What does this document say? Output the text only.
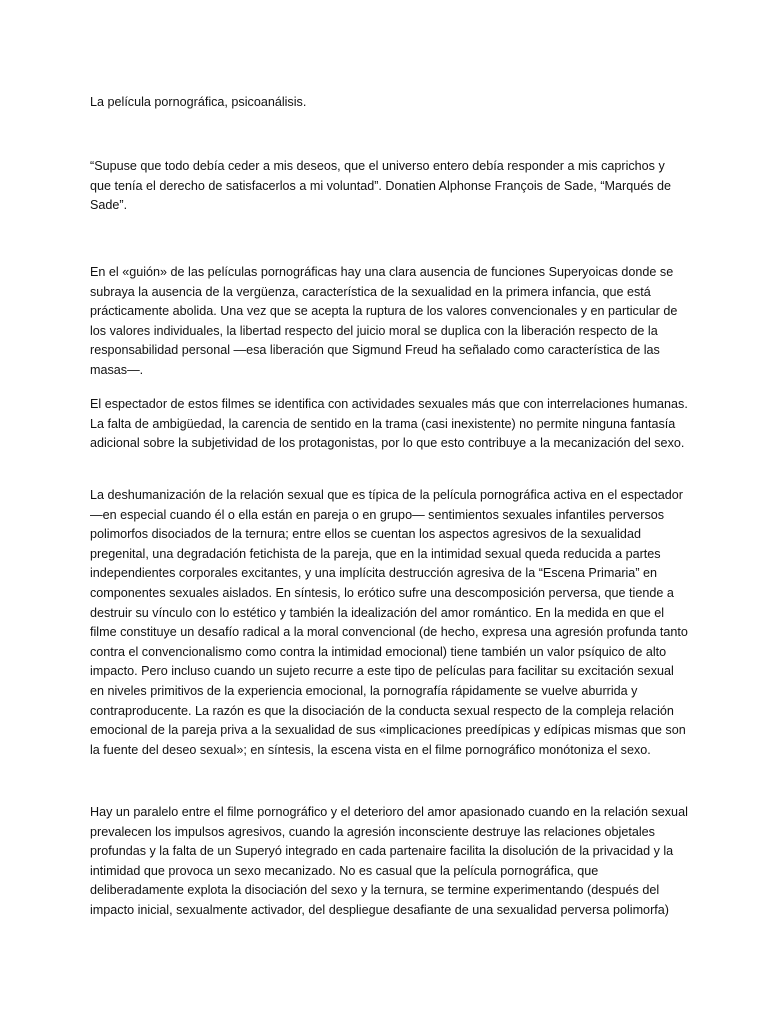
La película pornográfica, psicoanálisis.

“Supuse que todo debía ceder a mis deseos, que el universo entero debía responder a mis caprichos y que tenía el derecho de satisfacerlos a mi voluntad”. Donatien Alphonse François de Sade, “Marqués de Sade”.

En el «guión» de las películas pornográficas hay una clara ausencia de funciones Superyoicas donde se subraya la ausencia de la vergüenza, característica de la sexualidad en la primera infancia, que está prácticamente abolida. Una vez que se acepta la ruptura de los valores convencionales y en particular de los valores individuales, la libertad respecto del juicio moral se duplica con la liberación respecto de la responsabilidad personal —esa liberación que Sigmund Freud ha señalado como característica de las masas—.

El espectador de estos filmes se identifica con actividades sexuales más que con interrelaciones humanas. La falta de ambigüedad, la carencia de sentido en la trama (casi inexistente) no permite ninguna fantasía adicional sobre la subjetividad de los protagonistas, por lo que esto contribuye a la mecanización del sexo.

La deshumanización de la relación sexual que es típica de la película pornográfica activa en el espectador —en especial cuando él o ella están en pareja o en grupo— sentimientos sexuales infantiles perversos polimorfos disociados de la ternura; entre ellos se cuentan los aspectos agresivos de la sexualidad pregenital, una degradación fetichista de la pareja, que en la intimidad sexual queda reducida a partes independientes corporales excitantes, y una implícita destrucción agresiva de la “Escena Primaria” en componentes sexuales aislados. En síntesis, lo erótico sufre una descomposición perversa, que tiende a destruir su vínculo con lo estético y también la idealización del amor romántico. En la medida en que el filme constituye un desafío radical a la moral convencional (de hecho, expresa una agresión profunda tanto contra el convencionalismo como contra la intimidad emocional) tiene también un valor psíquico de alto impacto. Pero incluso cuando un sujeto recurre a este tipo de películas para facilitar su excitación sexual en niveles primitivos de la experiencia emocional, la pornografía rápidamente se vuelve aburrida y contraproducente. La razón es que la disociación de la conducta sexual respecto de la compleja relación emocional de la pareja priva a la sexualidad de sus «implicaciones preedípicas y edípicas mismas que son la fuente del deseo sexual»; en síntesis, la escena vista en el filme pornográfico monótoniza el sexo.

Hay un paralelo entre el filme pornográfico y el deterioro del amor apasionado cuando en la relación sexual prevalecen los impulsos agresivos, cuando la agresión inconsciente destruye las relaciones objetales profundas y la falta de un Superyó integrado en cada partenaire facilita la disolución de la privacidad y la intimidad que provoca un sexo mecanizado. No es casual que la película pornográfica, que deliberadamente explota la disociación del sexo y la ternura, se termine experimentando (después del impacto inicial, sexualmente activador, del despliegue desafiante de una sexualidad perversa polimorfa)
